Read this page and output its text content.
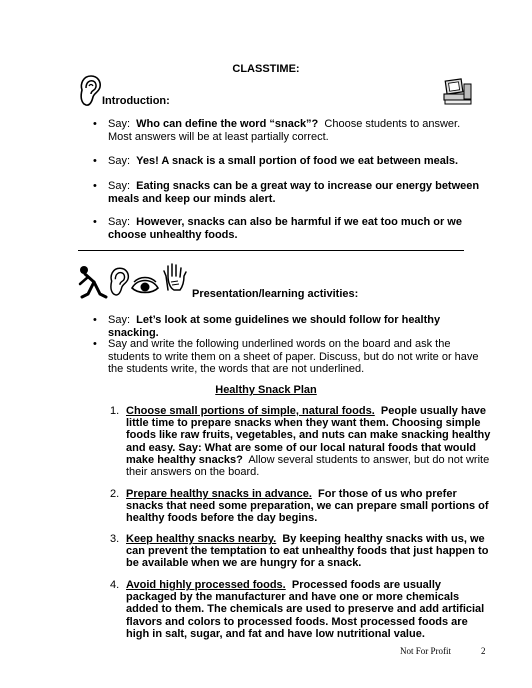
CLASSTIME:
Introduction:
• Say: Who can define the word “snack”? Choose students to answer. Most answers will be at least partially correct.
• Say: Yes! A snack is a small portion of food we eat between meals.
• Say: Eating snacks can be a great way to increase our energy between meals and keep our minds alert.
• Say: However, snacks can also be harmful if we eat too much or we choose unhealthy foods.
Presentation/learning activities:
• Say: Let’s look at some guidelines we should follow for healthy snacking.
• Say and write the following underlined words on the board and ask the students to write them on a sheet of paper. Discuss, but do not write or have the students write, the words that are not underlined.
Healthy Snack Plan
1. Choose small portions of simple, natural foods. People usually have little time to prepare snacks when they want them. Choosing simple foods like raw fruits, vegetables, and nuts can make snacking healthy and easy. Say: What are some of our local natural foods that would make healthy snacks? Allow several students to answer, but do not write their answers on the board.
2. Prepare healthy snacks in advance. For those of us who prefer snacks that need some preparation, we can prepare small portions of healthy foods before the day begins.
3. Keep healthy snacks nearby. By keeping healthy snacks with us, we can prevent the temptation to eat unhealthy foods that just happen to be available when we are hungry for a snack.
4. Avoid highly processed foods. Processed foods are usually packaged by the manufacturer and have one or more chemicals added to them. The chemicals are used to preserve and add artificial flavors and colors to processed foods. Most processed foods are high in salt, sugar, and fat and have low nutritional value.
Not For Profit	2
